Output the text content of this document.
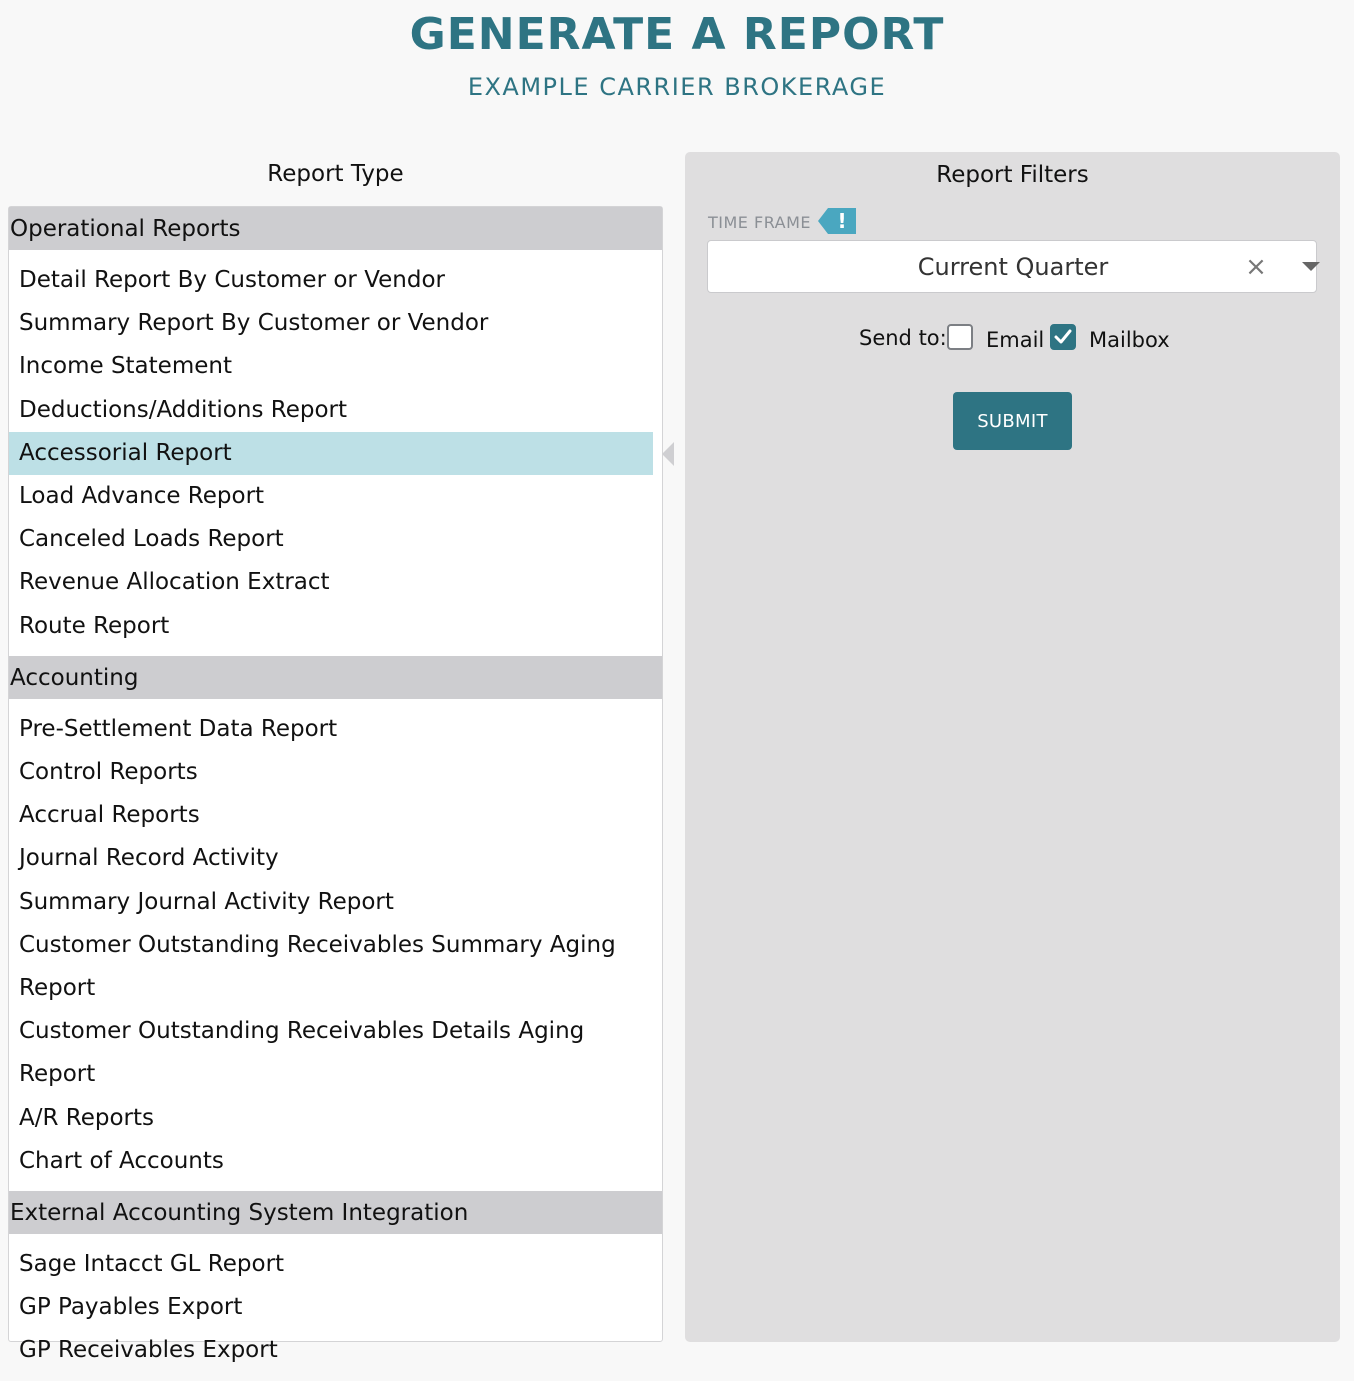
GENERATE A REPORT
EXAMPLE CARRIER BROKERAGE
Report Type
Operational Reports
Detail Report By Customer or Vendor
Summary Report By Customer or Vendor
Income Statement
Deductions/Additions Report
Accessorial Report
Load Advance Report
Canceled Loads Report
Revenue Allocation Extract
Route Report
Accounting
Pre-Settlement Data Report
Control Reports
Accrual Reports
Journal Record Activity
Summary Journal Activity Report
Customer Outstanding Receivables Summary Aging
Report
Customer Outstanding Receivables Details Aging Report
A/R Reports
Chart of Accounts
External Accounting System Integration
Sage Intacct GL Report
GP Payables Export
GP Receivables Export
Report Filters
TIME FRAME !
Current Quarter	×
Send to: Email Mailbox
SUBMIT
